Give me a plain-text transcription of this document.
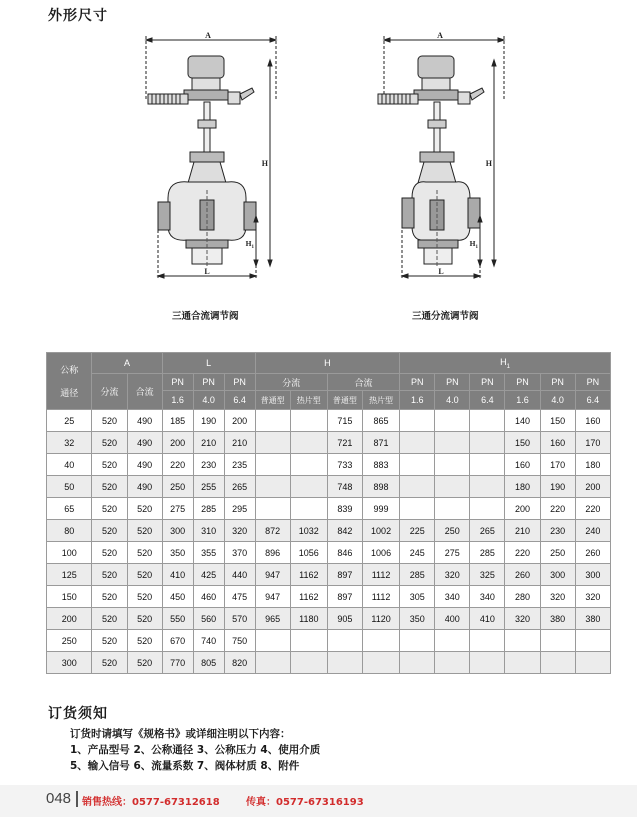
外形尺寸
A
H
$H_1$
L
三通合流调节阀
A
H
$H_1$
L
三通分流调节阀
公称

通径	A		L			H				$H_1$
	分流	合流	PN	PN	PN	分流		合流		PN	PN	PN	PN	PN	PN
			1.6	4.0	6.4	普通型	热片型	普通型	热片型	1.6	4.0	6.4	1.6	4.0	6.4
25	520	490	185	190	200			715	865				140	150	160
32	520	490	200	210	210			721	871				150	160	170
40	520	490	220	230	235			733	883				160	170	180
50	520	490	250	255	265			748	898				180	190	200
65	520	520	275	285	295			839	999				200	220	220
80	520	520	300	310	320	872	1032	842	1002	225	250	265	210	230	240
100	520	520	350	355	370	896	1056	846	1006	245	275	285	220	250	260
125	520	520	410	425	440	947	1162	897	1112	285	320	325	260	300	300
150	520	520	450	460	475	947	1162	897	1112	305	340	340	280	320	320
200	520	520	550	560	570	965	1180	905	1120	350	400	410	320	380	380
250	520	520	670	740	750										
300	520	520	770	805	820										
订货须知
订货时请填写《规格书》或详细注明以下内容：
1、产品型号 2、公称通径 3、公称压力 4、使用介质
5、输入信号 6、流量系数 7、阀体材质 8、附件
048 销售热线：0577-67312618	传真：0577-67316193
